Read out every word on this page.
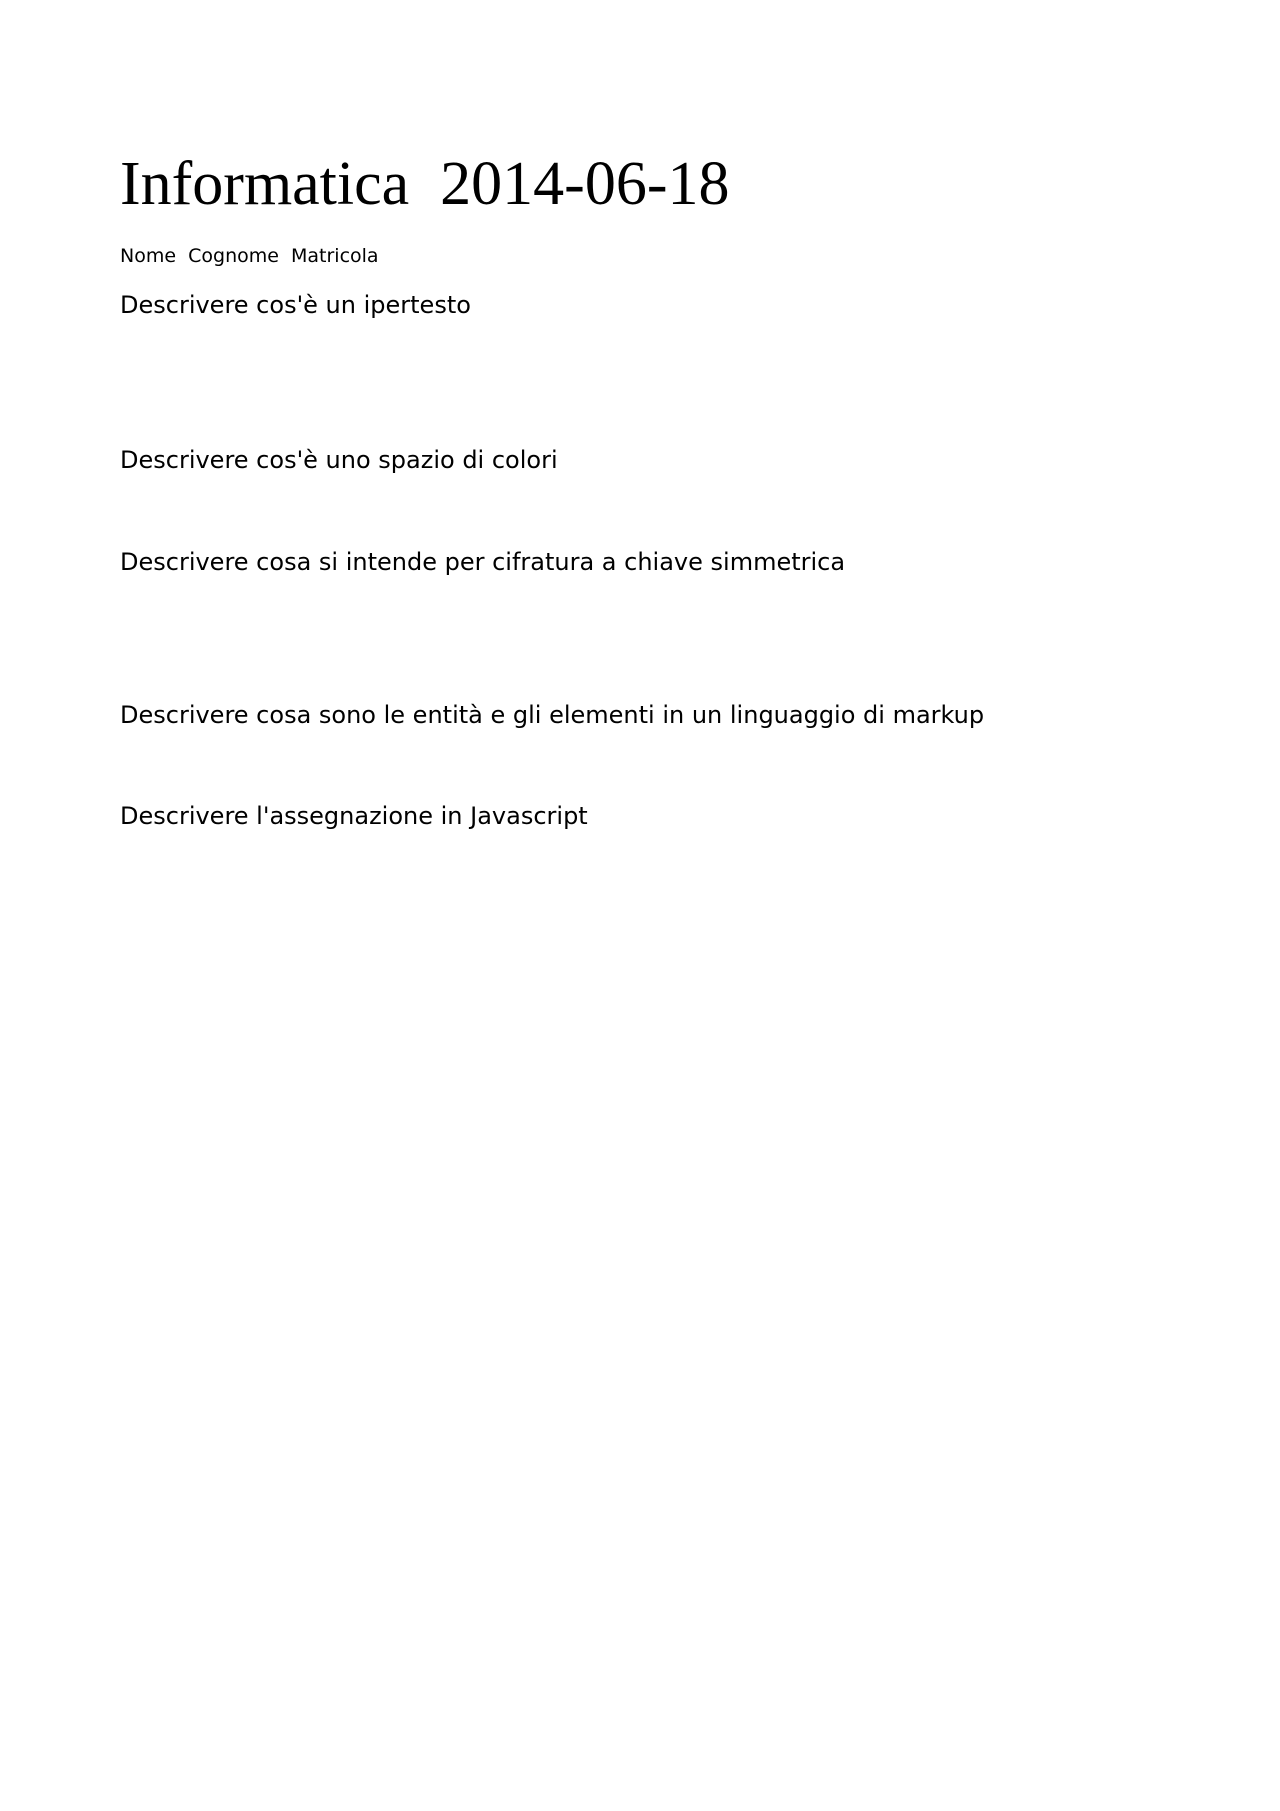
Informatica  2014-06-18
Nome  Cognome  Matricola

Descrivere cos'è un ipertesto

Descrivere cos'è uno spazio di colori

Descrivere cosa si intende per cifratura a chiave simmetrica

Descrivere cosa sono le entità e gli elementi in un linguaggio di markup

Descrivere l'assegnazione in Javascript
